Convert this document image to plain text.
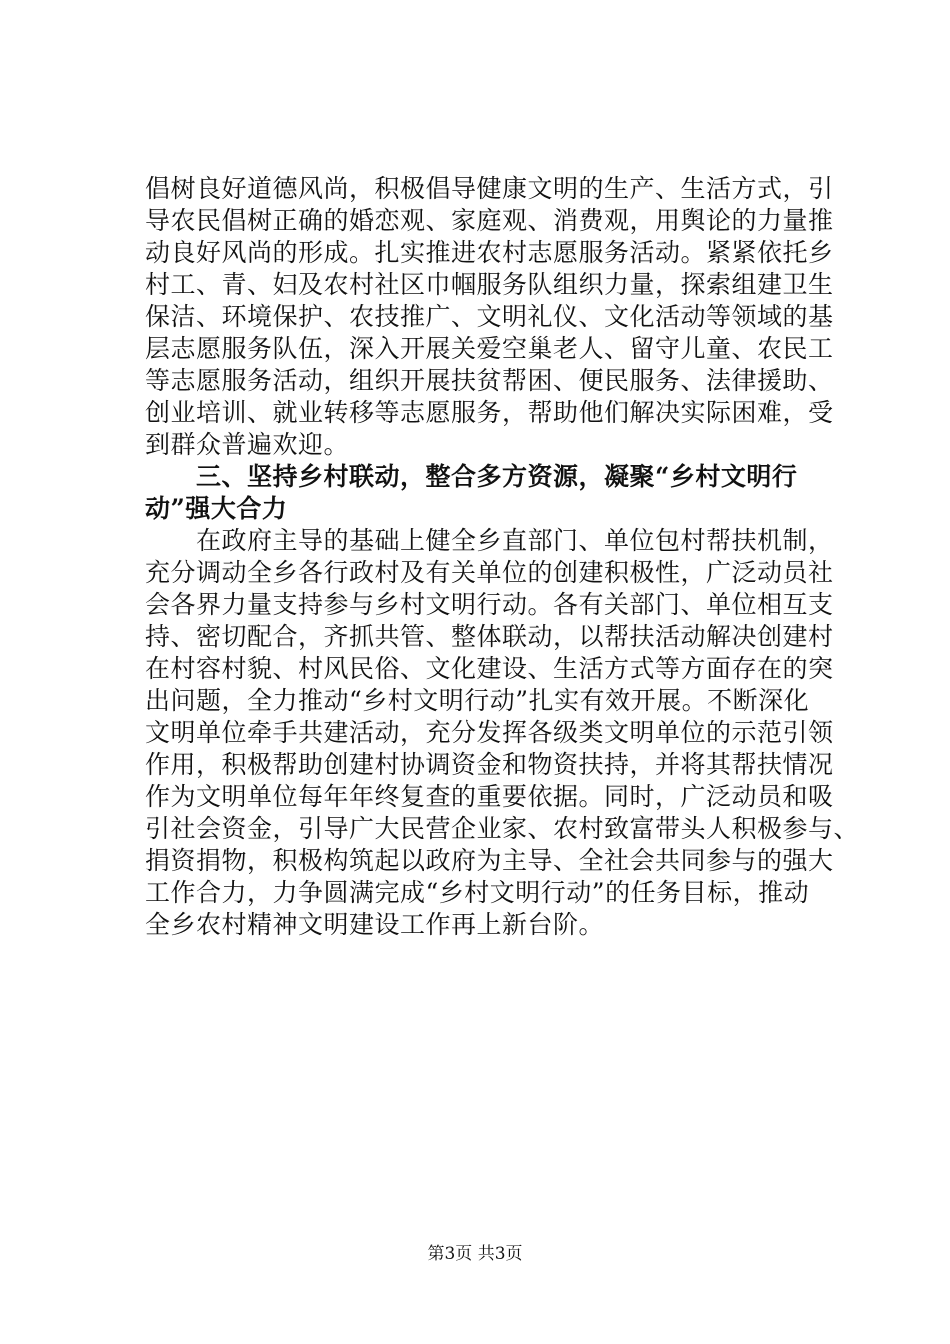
倡树良好道德风尚，积极倡导健康文明的生产、生活方式，引
导农民倡树正确的婚恋观、家庭观、消费观，用舆论的力量推
动良好风尚的形成。扎实推进农村志愿服务活动。紧紧依托乡
村工、青、妇及农村社区巾帼服务队组织力量，探索组建卫生
保洁、环境保护、农技推广、文明礼仪、文化活动等领域的基
层志愿服务队伍，深入开展关爱空巢老人、留守儿童、农民工
等志愿服务活动，组织开展扶贫帮困、便民服务、法律援助、
创业培训、就业转移等志愿服务，帮助他们解决实际困难，受
到群众普遍欢迎。
　　三、坚持乡村联动，整合多方资源，凝聚“乡村文明行
动”强大合力
　　在政府主导的基础上健全乡直部门、单位包村帮扶机制，
充分调动全乡各行政村及有关单位的创建积极性，广泛动员社
会各界力量支持参与乡村文明行动。各有关部门、单位相互支
持、密切配合，齐抓共管、整体联动，以帮扶活动解决创建村
在村容村貌、村风民俗、文化建设、生活方式等方面存在的突
出问题，全力推动“乡村文明行动”扎实有效开展。不断深化
文明单位牵手共建活动，充分发挥各级类文明单位的示范引领
作用，积极帮助创建村协调资金和物资扶持，并将其帮扶情况
作为文明单位每年年终复查的重要依据。同时，广泛动员和吸
引社会资金，引导广大民营企业家、农村致富带头人积极参与、
捐资捐物，积极构筑起以政府为主导、全社会共同参与的强大
工作合力，力争圆满完成“乡村文明行动”的任务目标，推动
全乡农村精神文明建设工作再上新台阶。
第3页 共3页
